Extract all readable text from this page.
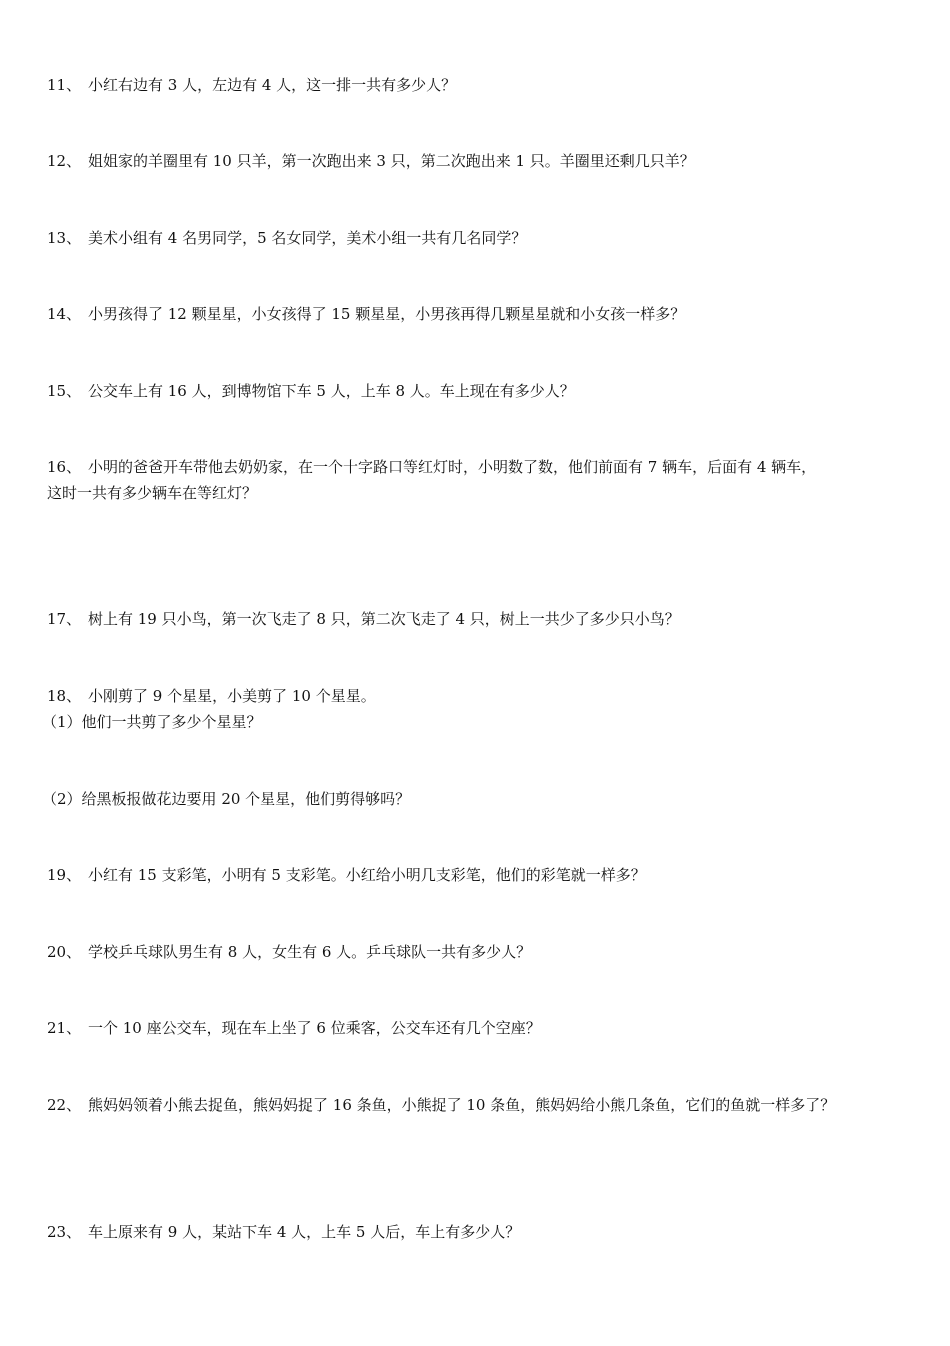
11、 小红右边有 3 人，左边有 4 人，这一排一共有多少人？
12、 姐姐家的羊圈里有 10 只羊，第一次跑出来 3 只，第二次跑出来 1 只。羊圈里还剩几只羊？
13、 美术小组有 4 名男同学，5 名女同学，美术小组一共有几名同学？
14、 小男孩得了 12 颗星星，小女孩得了 15 颗星星，小男孩再得几颗星星就和小女孩一样多？
15、 公交车上有 16 人，到博物馆下车 5 人，上车 8 人。车上现在有多少人？
16、 小明的爸爸开车带他去奶奶家，在一个十字路口等红灯时，小明数了数，他们前面有 7 辆车，后面有 4 辆车，
这时一共有多少辆车在等红灯？
17、 树上有 19 只小鸟，第一次飞走了 8 只，第二次飞走了 4 只，树上一共少了多少只小鸟？
18、 小刚剪了 9 个星星，小美剪了 10 个星星。
（1）他们一共剪了多少个星星？
（2）给黑板报做花边要用 20 个星星，他们剪得够吗？
19、 小红有 15 支彩笔，小明有 5 支彩笔。小红给小明几支彩笔，他们的彩笔就一样多？
20、 学校乒乓球队男生有 8 人，女生有 6 人。乒乓球队一共有多少人？
21、 一个 10 座公交车，现在车上坐了 6 位乘客，公交车还有几个空座？
22、 熊妈妈领着小熊去捉鱼，熊妈妈捉了 16 条鱼，小熊捉了 10 条鱼，熊妈妈给小熊几条鱼，它们的鱼就一样多了？
23、 车上原来有 9 人，某站下车 4 人，上车 5 人后，车上有多少人？
